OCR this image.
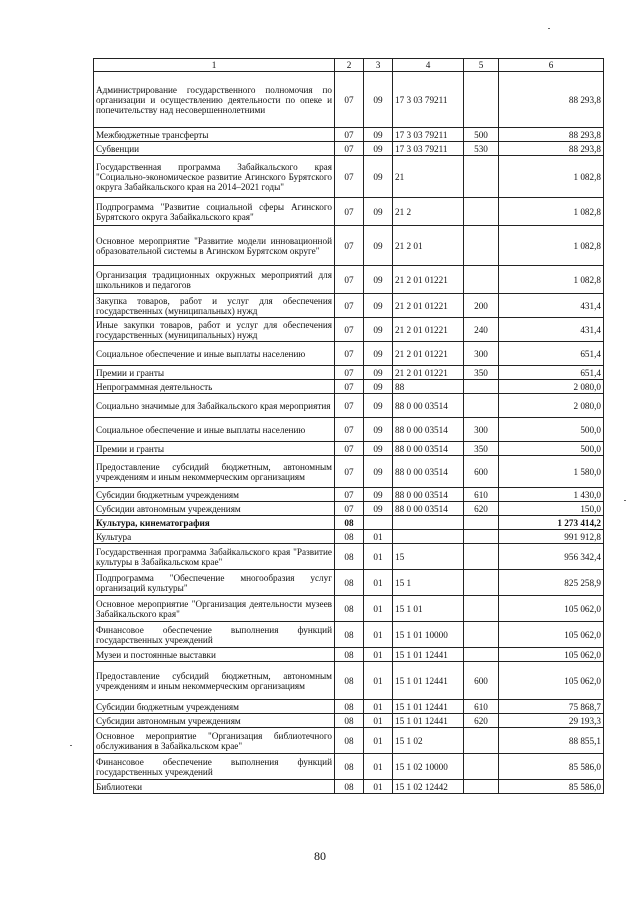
1	2	3	4	5	6
Администрирование государственного полномочия по организации и осуществлению деятельности по опеке и попечительству над несовершеннолетними	07	09	17 3 03 79211		88 293,8
Межбюджетные трансферты	07	09	17 3 03 79211	500	88 293,8
Субвенции	07	09	17 3 03 79211	530	88 293,8
Государственная программа Забайкальского края "Социально-экономическое развитие Агинского Бурятского округа Забайкальского края на 2014–2021 годы"	07	09	21		1 082,8
Подпрограмма "Развитие социальной сферы Агинского Бурятского округа Забайкальского края"	07	09	21 2		1 082,8
Основное мероприятие "Развитие модели инновационной образовательной системы в Агинском Бурятском округе"	07	09	21 2 01		1 082,8
Организация традиционных окружных мероприятий для школьников и педагогов	07	09	21 2 01 01221		1 082,8
Закупка товаров, работ и услуг для обеспечения государственных (муниципальных) нужд	07	09	21 2 01 01221	200	431,4
Иные закупки товаров, работ и услуг для обеспечения государственных (муниципальных) нужд	07	09	21 2 01 01221	240	431,4
Социальное обеспечение и иные выплаты населению	07	09	21 2 01 01221	300	651,4
Премии и гранты	07	09	21 2 01 01221	350	651,4
Непрограммная деятельность	07	09	88		2 080,0
Социально значимые для Забайкальского края мероприятия	07	09	88 0 00 03514		2 080,0
Социальное обеспечение и иные выплаты населению	07	09	88 0 00 03514	300	500,0
Премии и гранты	07	09	88 0 00 03514	350	500,0
Предоставление субсидий бюджетным, автономным учреждениям и иным некоммерческим организациям	07	09	88 0 00 03514	600	1 580,0
Субсидии бюджетным учреждениям	07	09	88 0 00 03514	610	1 430,0
Субсидии автономным учреждениям	07	09	88 0 00 03514	620	150,0
Культура, кинематография	08				1 273 414,2
Культура	08	01			991 912,8
Государственная программа Забайкальского края "Развитие культуры в Забайкальском крае"	08	01	15		956 342,4
Подпрограмма "Обеспечение многообразия услуг организаций культуры"	08	01	15 1		825 258,9
Основное мероприятие "Организация деятельности музеев Забайкальского края"	08	01	15 1 01		105 062,0
Финансовое обеспечение выполнения функций государственных учреждений	08	01	15 1 01 10000		105 062,0
Музеи и постоянные выставки	08	01	15 1 01 12441		105 062,0
Предоставление субсидий бюджетным, автономным учреждениям и иным некоммерческим организациям	08	01	15 1 01 12441	600	105 062,0
Субсидии бюджетным учреждениям	08	01	15 1 01 12441	610	75 868,7
Субсидии автономным учреждениям	08	01	15 1 01 12441	620	29 193,3
Основное мероприятие "Организация библиотечного обслуживания в Забайкальском крае"	08	01	15 1 02		88 855,1
Финансовое обеспечение выполнения функций государственных учреждений	08	01	15 1 02 10000		85 586,0
Библиотеки	08	01	15 1 02 12442		85 586,0
80
